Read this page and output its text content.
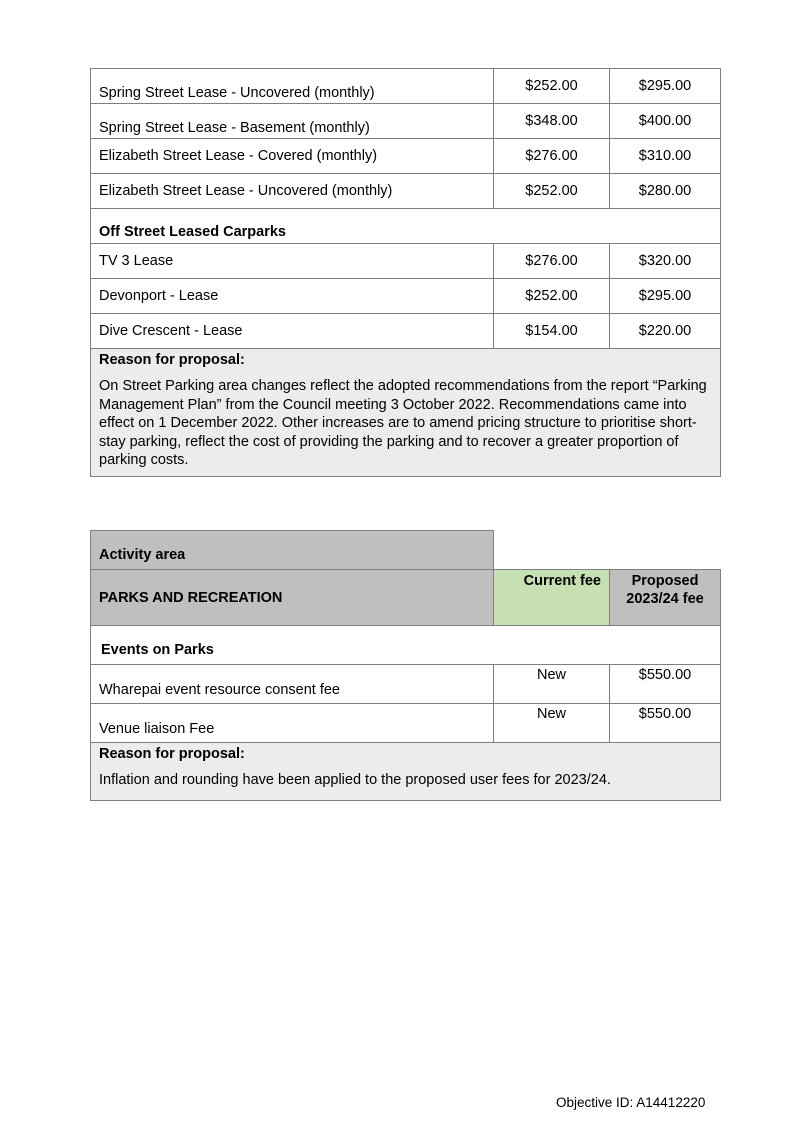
Spring Street Lease - Uncovered (monthly)	$252.00	$295.00
Spring Street Lease - Basement (monthly)	$348.00	$400.00
Elizabeth Street Lease - Covered (monthly)	$276.00	$310.00
Elizabeth Street Lease - Uncovered (monthly)	$252.00	$280.00
Off Street Leased Carparks		
TV 3 Lease	$276.00	$320.00
Devonport - Lease	$252.00	$295.00
Dive Crescent - Lease	$154.00	$220.00

Reason for proposal:

On Street Parking area changes reflect the adopted recommendations from the report “Parking Management Plan” from the Council meeting 3 October 2022. Recommendations came into effect on 1 December 2022. Other increases are to amend pricing structure to prioritise short-stay parking, reflect the cost of providing the parking and to recover a greater proportion of parking costs.		

Activity area		
PARKS AND RECREATION	Current fee	Proposed 2023/24 fee
Events on Parks		
Wharepai event resource consent fee	New	$550.00
Venue liaison Fee	New	$550.00

Reason for proposal:

Inflation and rounding have been applied to the proposed user fees for 2023/24.		

Objective ID: A14412220
